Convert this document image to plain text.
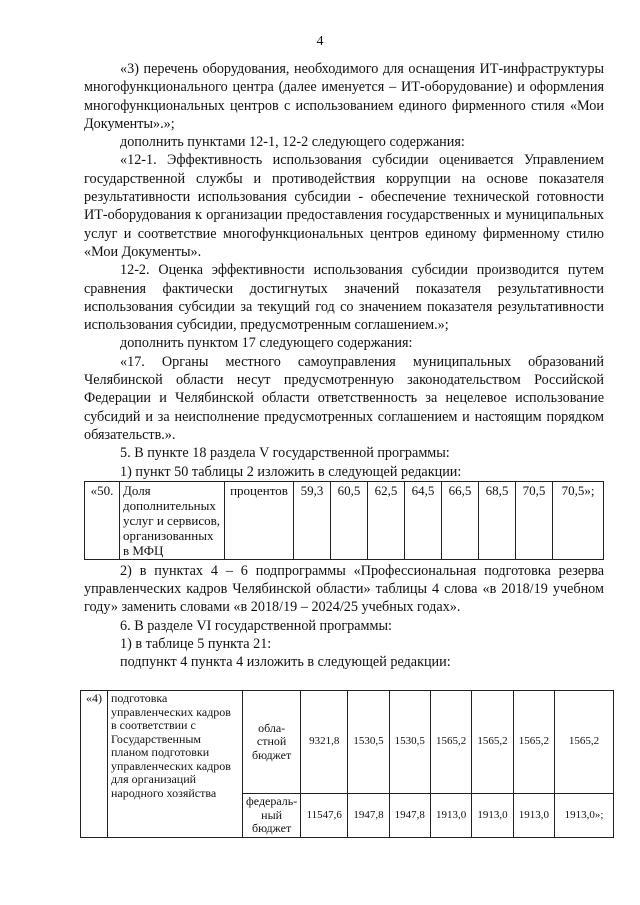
4

«3) перечень оборудования, необходимого для оснащения ИТ-инфраструктуры многофункционального центра (далее именуется – ИТ-оборудование) и оформления многофункциональных центров с использованием единого фирменного стиля «Мои Документы».»;

дополнить пунктами 12-1, 12-2 следующего содержания:

«12-1. Эффективность использования субсидии оценивается Управлением государственной службы и противодействия коррупции на основе показателя результативности использования субсидии - обеспечение технической готовности ИТ-оборудования к организации предоставления государственных и муниципальных услуг и соответствие многофункциональных центров единому фирменному стилю «Мои Документы».

12-2. Оценка эффективности использования субсидии производится путем сравнения фактически достигнутых значений показателя результативности использования субсидии за текущий год со значением показателя результативности использования субсидии, предусмотренным соглашением.»;

дополнить пунктом 17 следующего содержания:

«17. Органы местного самоуправления муниципальных образований Челябинской области несут предусмотренную законодательством Российской Федерации и Челябинской области ответственность за нецелевое использование субсидий и за неисполнение предусмотренных соглашением и настоящим порядком обязательств.».

5. В пункте 18 раздела V государственной программы:

1) пункт 50 таблицы 2 изложить в следующей редакции:

«50.	Доля дополнительных услуг и сервисов, организованных в МФЦ	процентов	59,3	60,5	62,5	64,5	66,5	68,5	70,5	70,5»;

2) в пунктах 4 – 6 подпрограммы «Профессиональная подготовка резерва управленческих кадров Челябинской области» таблицы 4 слова «в 2018/19 учебном году» заменить словами «в 2018/19 – 2024/25 учебных годах».

6. В разделе VI государственной программы:

1) в таблице 5 пункта 21:

подпункт 4 пункта 4 изложить в следующей редакции:

«4)	подготовка управленческих кадров в соответствии с Государственным планом подготовки управленческих кадров для организаций народного хозяйства	обла-стной бюджет	9321,8	1530,5	1530,5	1565,2	1565,2	1565,2	1565,2
		федераль-ный бюджет	11547,6	1947,8	1947,8	1913,0	1913,0	1913,0	1913,0»;
